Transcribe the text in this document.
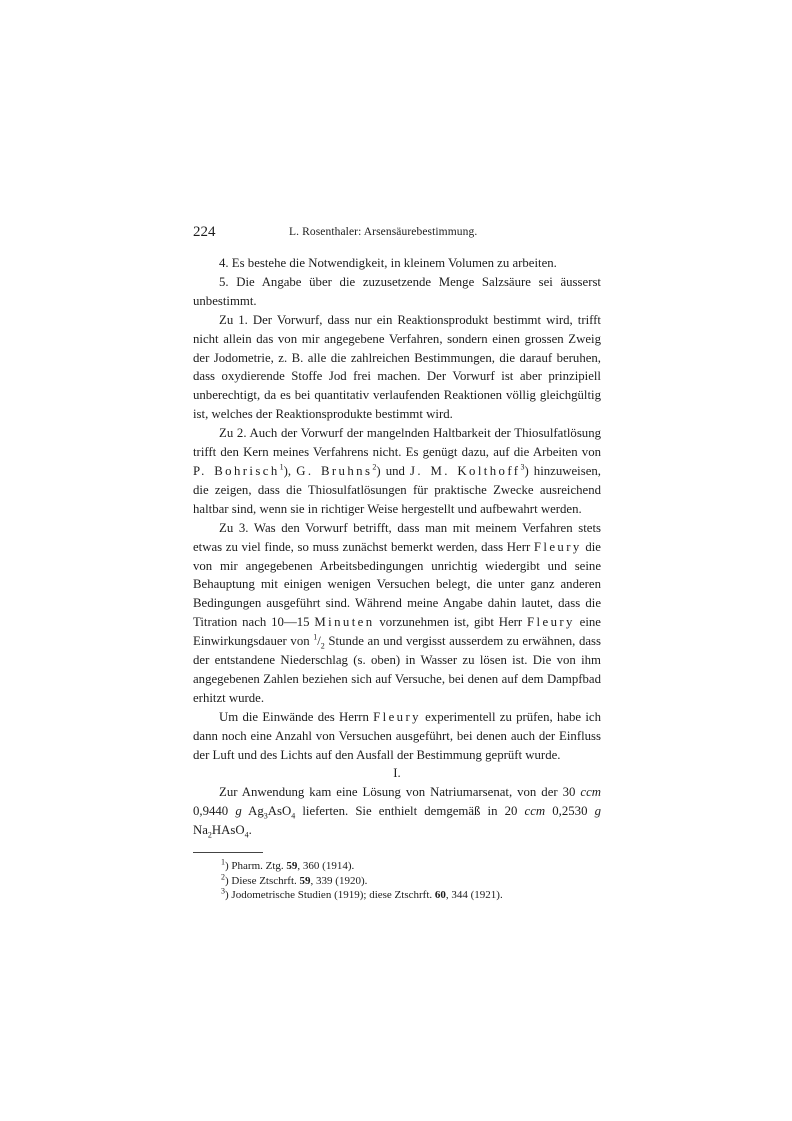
224	L. Rosenthaler: Arsensäurebestimmung.

4. Es bestehe die Notwendigkeit, in kleinem Volumen zu arbeiten.

5. Die Angabe über die zuzusetzende Menge Salzsäure sei äusserst unbestimmt.

Zu 1. Der Vorwurf, dass nur ein Reaktionsprodukt bestimmt wird, trifft nicht allein das von mir angegebene Verfahren, sondern einen grossen Zweig der Jodometrie, z. B. alle die zahlreichen Bestimmungen, die darauf beruhen, dass oxydierende Stoffe Jod frei machen. Der Vorwurf ist aber prinzipiell unberechtigt, da es bei quantitativ verlaufenden Reaktionen völlig gleichgültig ist, welches der Reaktionsprodukte bestimmt wird.

Zu 2. Auch der Vorwurf der mangelnden Haltbarkeit der Thiosulfatlösung trifft den Kern meines Verfahrens nicht. Es genügt dazu, auf die Arbeiten von P. Bohrisch$^1$), G. Bruhns$^2$) und J. M. Kolthoff$^3$) hinzuweisen, die zeigen, dass die Thiosulfatlösungen für praktische Zwecke ausreichend haltbar sind, wenn sie in richtiger Weise hergestellt und aufbewahrt werden.

Zu 3. Was den Vorwurf betrifft, dass man mit meinem Verfahren stets etwas zu viel finde, so muss zunächst bemerkt werden, dass Herr Fleury die von mir angegebenen Arbeitsbedingungen unrichtig wiedergibt und seine Behauptung mit einigen wenigen Versuchen belegt, die unter ganz anderen Bedingungen ausgeführt sind. Während meine Angabe dahin lautet, dass die Titration nach 10—15 Minuten vorzunehmen ist, gibt Herr Fleury eine Einwirkungsdauer von $^1/_2$ Stunde an und vergisst ausserdem zu erwähnen, dass der entstandene Niederschlag (s. oben) in Wasser zu lösen ist. Die von ihm angegebenen Zahlen beziehen sich auf Versuche, bei denen auf dem Dampfbad erhitzt wurde.

Um die Einwände des Herrn Fleury experimentell zu prüfen, habe ich dann noch eine Anzahl von Versuchen ausgeführt, bei denen auch der Einfluss der Luft und des Lichts auf den Ausfall der Bestimmung geprüft wurde.

I.

Zur Anwendung kam eine Lösung von Natriumarsenat, von der 30 ccm 0,9440 g $Ag_3AsO_4$ lieferten. Sie enthielt demgemäß in 20 ccm 0,2530 g $Na_2HAsO_4$.

$^1$) Pharm. Ztg. 59, 360 (1914).

$^2$) Diese Ztschrft. 59, 339 (1920).

$^3$) Jodometrische Studien (1919); diese Ztschrft. 60, 344 (1921).
